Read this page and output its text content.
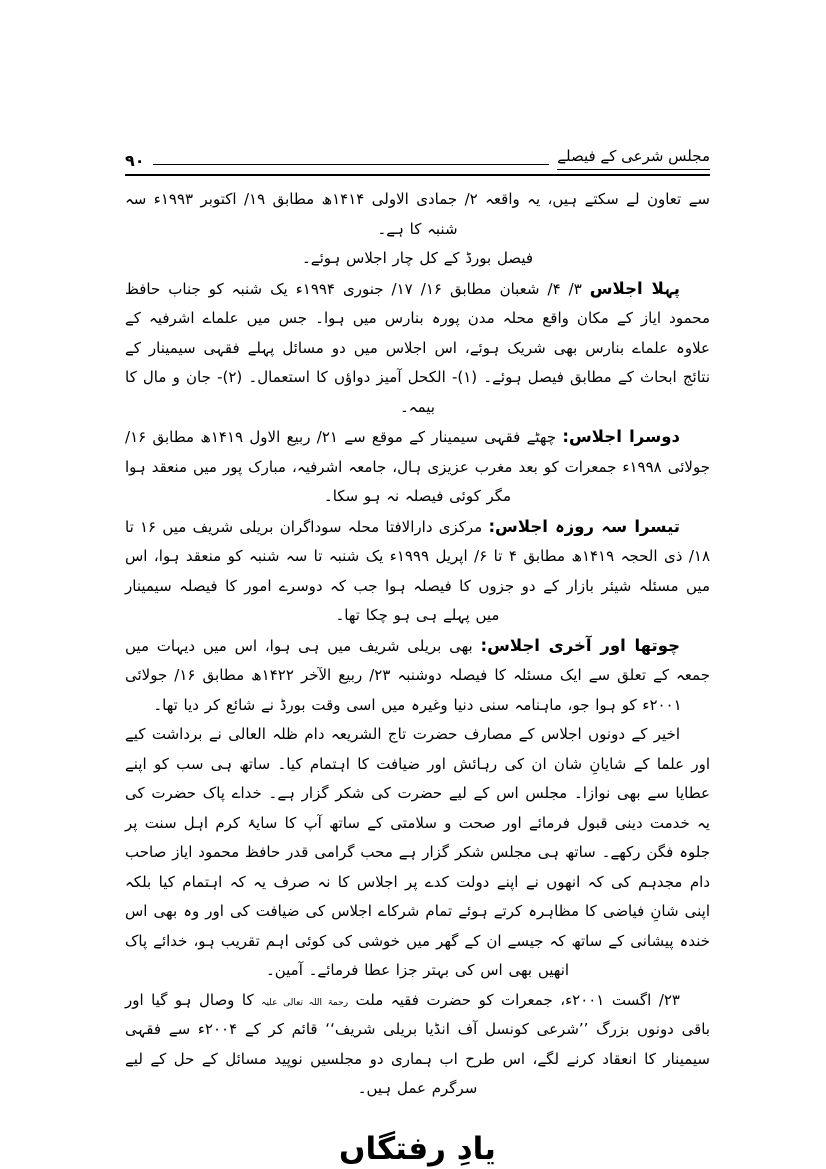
۹۰	مجلس شرعی کے فیصلے

سے تعاون لے سکتے ہیں، یہ واقعہ ۲/ جمادی الاولی ۱۴۱۴ھ مطابق ۱۹/ اکتوبر ۱۹۹۳ء سہ شنبہ کا ہے۔

فیصل بورڈ کے کل چار اجلاس ہوئے۔

پہلا اجلاس ۳/ ۴/ شعبان مطابق ۱۶/ ۱۷/ جنوری ۱۹۹۴ء یک شنبہ کو جناب حافظ محمود ایاز کے مکان واقع محلہ مدن پورہ بنارس میں ہوا۔ جس میں علماے اشرفیہ کے علاوہ علماے بنارس بھی شریک ہوئے، اس اجلاس میں دو مسائل پہلے فقہی سیمینار کے نتائج ابحاث کے مطابق فیصل ہوئے۔ (۱)- الکحل آمیز دواؤں کا استعمال۔ (۲)- جان و مال کا بیمہ۔

دوسرا اجلاس: چھٹے فقہی سیمینار کے موقع سے ۲۱/ ربیع الاول ۱۴۱۹ھ مطابق ۱۶/ جولائی ۱۹۹۸ء جمعرات کو بعد مغرب عزیزی ہال، جامعہ اشرفیہ، مبارک پور میں منعقد ہوا مگر کوئی فیصلہ نہ ہو سکا۔

تیسرا سہ روزہ اجلاس: مرکزی دارالافتا محلہ سوداگران بریلی شریف میں ۱۶ تا ۱۸/ ذی الحجہ ۱۴۱۹ھ مطابق ۴ تا ۶/ اپریل ۱۹۹۹ء یک شنبہ تا سہ شنبہ کو منعقد ہوا، اس میں مسئلہ شیئر بازار کے دو جزوں کا فیصلہ ہوا جب کہ دوسرے امور کا فیصلہ سیمینار میں پہلے ہی ہو چکا تھا۔

چوتھا اور آخری اجلاس: بھی بریلی شریف میں ہی ہوا، اس میں دیہات میں جمعہ کے تعلق سے ایک مسئلہ کا فیصلہ دوشنبہ ۲۳/ ربیع الآخر ۱۴۲۲ھ مطابق ۱۶/ جولائی ۲۰۰۱ء کو ہوا جو، ماہنامہ سنی دنیا وغیرہ میں اسی وقت بورڈ نے شائع کر دیا تھا۔

اخیر کے دونوں اجلاس کے مصارف حضرت تاج الشریعہ دام ظلہ العالی نے برداشت کیے اور علما کے شایانِ شان ان کی رہائش اور ضیافت کا اہتمام کیا۔ ساتھ ہی سب کو اپنے عطایا سے بھی نوازا۔ مجلس اس کے لیے حضرت کی شکر گزار ہے۔ خداے پاک حضرت کی یہ خدمت دینی قبول فرمائے اور صحت و سلامتی کے ساتھ آپ کا سایۂ کرم اہل سنت پر جلوہ فگن رکھے۔ ساتھ ہی مجلس شکر گزار ہے محب گرامی قدر حافظ محمود ایاز صاحب دام مجدہم کی کہ انھوں نے اپنے دولت کدے پر اجلاس کا نہ صرف یہ کہ اہتمام کیا بلکہ اپنی شانِ فیاضی کا مظاہرہ کرتے ہوئے تمام شرکاے اجلاس کی ضیافت کی اور وہ بھی اس خندہ پیشانی کے ساتھ کہ جیسے ان کے گھر میں خوشی کی کوئی اہم تقریب ہو، خدائے پاک انھیں بھی اس کی بہتر جزا عطا فرمائے۔ آمین۔

۲۳/ اگست ۲۰۰۱ء، جمعرات کو حضرت فقیہ ملت رحمۃ اللہ تعالی علیہ کا وصال ہو گیا اور باقی دونوں بزرگ ’’شرعی کونسل آف انڈیا بریلی شریف‘‘ قائم کر کے ۲۰۰۴ء سے فقہی سیمینار کا انعقاد کرنے لگے، اس طرح اب ہماری دو مجلسیں نوپید مسائل کے حل کے لیے سرگرم عمل ہیں۔

یادِ رفتگاں
